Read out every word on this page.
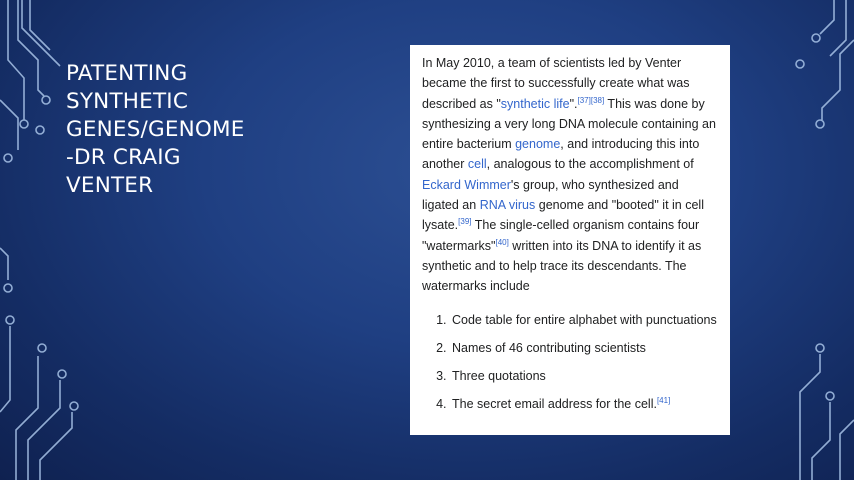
PATENTING
SYNTHETIC
GENES/GENOME
-DR CRAIG
VENTER

In May 2010, a team of scientists led by Venter became the first to successfully create what was described as "synthetic life".[37][38] This was done by synthesizing a very long DNA molecule containing an entire bacterium genome, and introducing this into another cell, analogous to the accomplishment of Eckard Wimmer's group, who synthesized and ligated an RNA virus genome and "booted" it in cell lysate.[39] The single-celled organism contains four "watermarks"[40] written into its DNA to identify it as synthetic and to help trace its descendants. The watermarks include

1. Code table for entire alphabet with punctuations
2. Names of 46 contributing scientists
3. Three quotations
4. The secret email address for the cell.[41]
